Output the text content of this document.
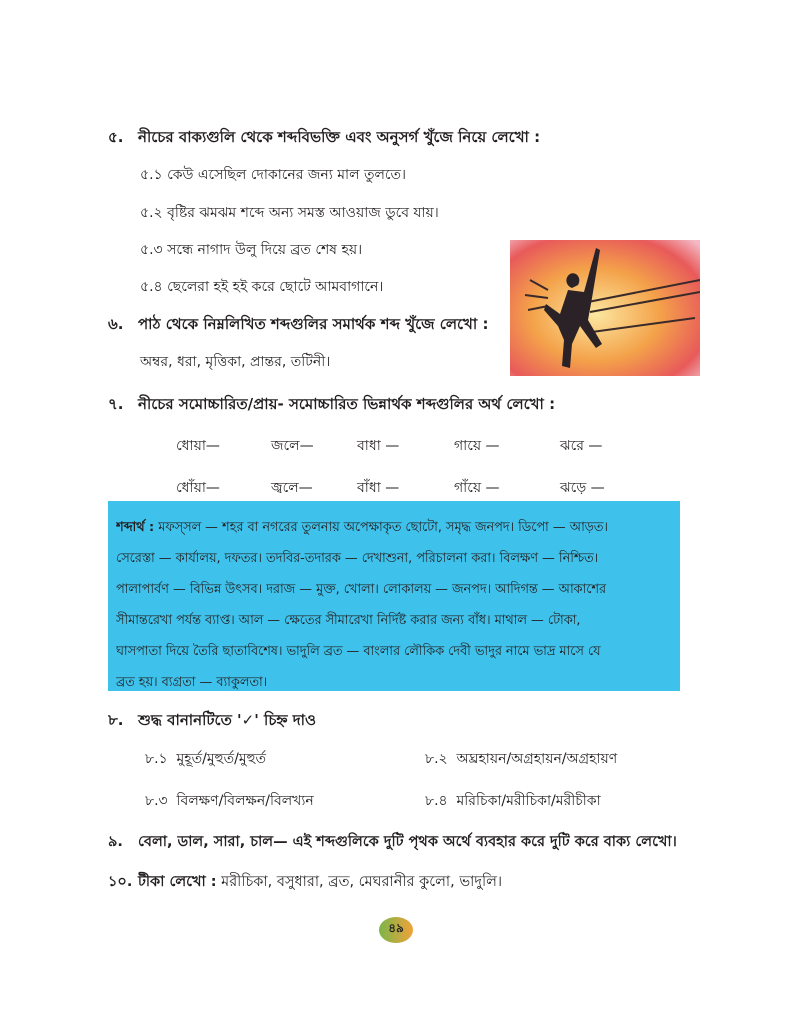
৫. নীচের বাক্যগুলি থেকে শব্দবিভক্তি এবং অনুসর্গ খুঁজে নিয়ে লেখো :
৫.১ কেউ এসেছিল দোকানের জন্য মাল তুলতে।
৫.২ বৃষ্টির ঝমঝম শব্দে অন্য সমস্ত আওয়াজ ডুবে যায়।
৫.৩ সন্ধে নাগাদ উলু দিয়ে ব্রত শেষ হয়।
৫.৪ ছেলেরা হই হই করে ছোটে আমবাগানে।
৬. পাঠ থেকে নিম্নলিখিত শব্দগুলির সমার্থক শব্দ খুঁজে লেখো :
অম্বর, ধরা, মৃত্তিকা, প্রান্তর, তটিনী।
৭. নীচের সমোচ্চারিত/প্রায়- সমোচ্চারিত ভিন্নার্থক শব্দগুলির অর্থ লেখো :
ধোয়া—	জলে—	বাধা —	গায়ে —	ঝরে —
ধোঁয়া—	জ্বলে—	বাঁধা —	গাঁয়ে —	ঝড়ে —
শব্দার্থ : মফস্সল — শহর বা নগরের তুলনায় অপেক্ষাকৃত ছোটো, সমৃদ্ধ জনপদ। ডিপো — আড়ত।
সেরেস্তা — কার্যালয়, দফতর। তদবির-তদারক — দেখাশুনা, পরিচালনা করা। বিলক্ষণ — নিশ্চিত।
পালাপার্বণ — বিভিন্ন উৎসব। দরাজ — মুক্ত, খোলা। লোকালয় — জনপদ। আদিগন্ত — আকাশের
সীমান্তরেখা পর্যন্ত ব্যাপ্ত। আল — ক্ষেতের সীমারেখা নির্দিষ্ট করার জন্য বাঁধ। মাথাল — টোকা,
ঘাসপাতা দিয়ে তৈরি ছাতাবিশেষ। ভাদুলি ব্রত — বাংলার লৌকিক দেবী ভাদুর নামে ভাদ্র মাসে যে
ব্রত হয়। ব্যগ্রতা — ব্যাকুলতা।
৮. শুদ্ধ বানানটিতে '✓' চিহ্ন দাও
৮.১ মুহূর্ত/মুহুর্ত/মুহুর্ত	৮.২ অঘ্রহায়ন/অগ্রহায়ন/অগ্রহায়ণ
৮.৩ বিলক্ষণ/বিলক্ষন/বিলখ্যন	৮.৪ মরিচিকা/মরীচিকা/মরীচীকা
৯. বেলা, ডাল, সারা, চাল— এই শব্দগুলিকে দুটি পৃথক অর্থে ব্যবহার করে দুটি করে বাক্য লেখো।
১০. টীকা লেখো : মরীচিকা, বসুধারা, ব্রত, মেঘরানীর কুলো, ভাদুলি।
৪৯
